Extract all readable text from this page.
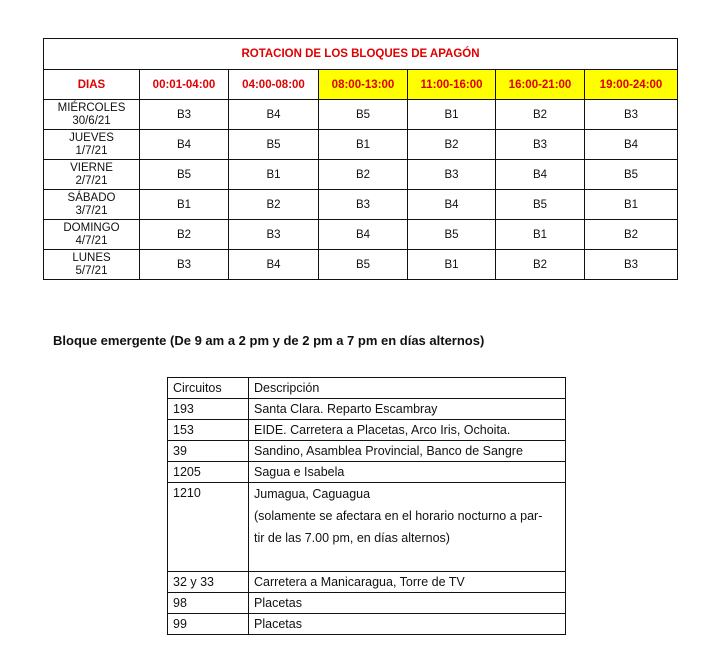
ROTACION DE LOS BLOQUES DE APAGÓN						
DIAS	00:01-04:00	04:00-08:00	08:00-13:00	11:00-16:00	16:00-21:00	19:00-24:00

MIÉRCOLES
30/6/21	B3	B4	B5	B1	B2	B3

JUEVES
1/7/21	B4	B5	B1	B2	B3	B4

VIERNE
2/7/21	B5	B1	B2	B3	B4	B5

SÁBADO
3/7/21	B1	B2	B3	B4	B5	B1

DOMINGO
4/7/21	B2	B3	B4	B5	B1	B2

LUNES
5/7/21	B3	B4	B5	B1	B2	B3
Bloque emergente (De 9 am a 2 pm y de 2 pm a 7 pm en días alternos)
Circuitos	Descripción
193	Santa Clara. Reparto Escambray

153	EIDE. Carretera a Placetas, Arco Iris, Ochoita.

39	Sandino, Asamblea Provincial, Banco de Sangre

1205	Sagua e Isabela

1210	Jumagua, Caguagua
(solamente se afectara en el horario nocturno a par-
tir de las 7.00 pm, en días alternos)

32 y 33	Carretera a Manicaragua, Torre de TV

98	Placetas

99	Placetas
